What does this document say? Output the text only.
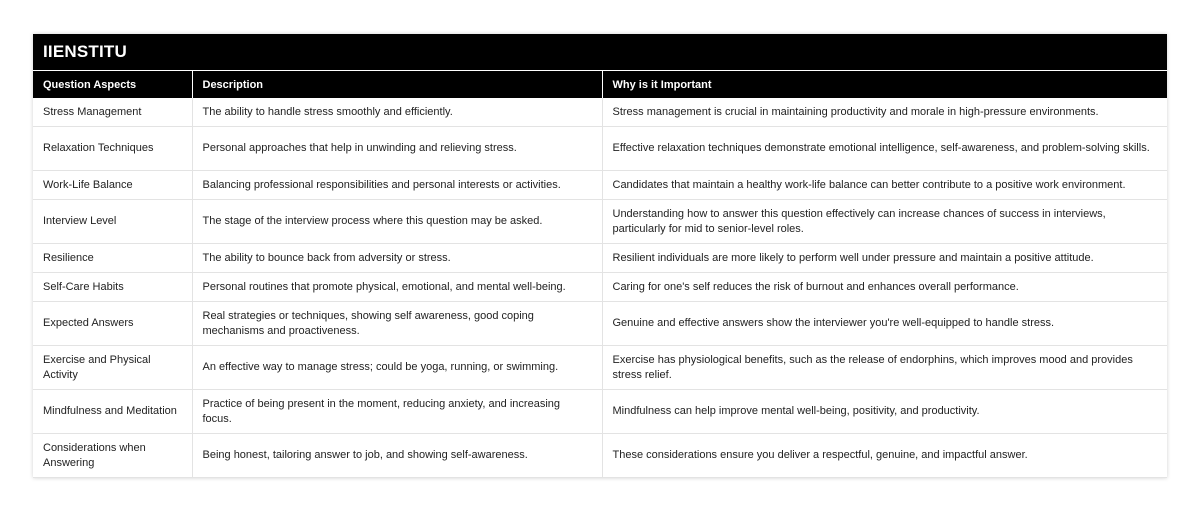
IIENSTITU
Question Aspects	Description	Why is it Important
Stress Management	The ability to handle stress smoothly and efficiently.	Stress management is crucial in maintaining productivity and morale in high-pressure environments.
Relaxation Techniques	Personal approaches that help in unwinding and relieving stress.	Effective relaxation techniques demonstrate emotional intelligence, self-awareness, and problem-solving skills.
Work-Life Balance	Balancing professional responsibilities and personal interests or activities.	Candidates that maintain a healthy work-life balance can better contribute to a positive work environment.
Interview Level	The stage of the interview process where this question may be asked.	Understanding how to answer this question effectively can increase chances of success in interviews, particularly for mid to senior-level roles.
Resilience	The ability to bounce back from adversity or stress.	Resilient individuals are more likely to perform well under pressure and maintain a positive attitude.
Self-Care Habits	Personal routines that promote physical, emotional, and mental well-being.	Caring for one's self reduces the risk of burnout and enhances overall performance.
Expected Answers	Real strategies or techniques, showing self awareness, good coping mechanisms and proactiveness.	Genuine and effective answers show the interviewer you're well-equipped to handle stress.
Exercise and Physical Activity	An effective way to manage stress; could be yoga, running, or swimming.	Exercise has physiological benefits, such as the release of endorphins, which improves mood and provides stress relief.
Mindfulness and Meditation	Practice of being present in the moment, reducing anxiety, and increasing focus.	Mindfulness can help improve mental well-being, positivity, and productivity.
Considerations when Answering	Being honest, tailoring answer to job, and showing self-awareness.	These considerations ensure you deliver a respectful, genuine, and impactful answer.
